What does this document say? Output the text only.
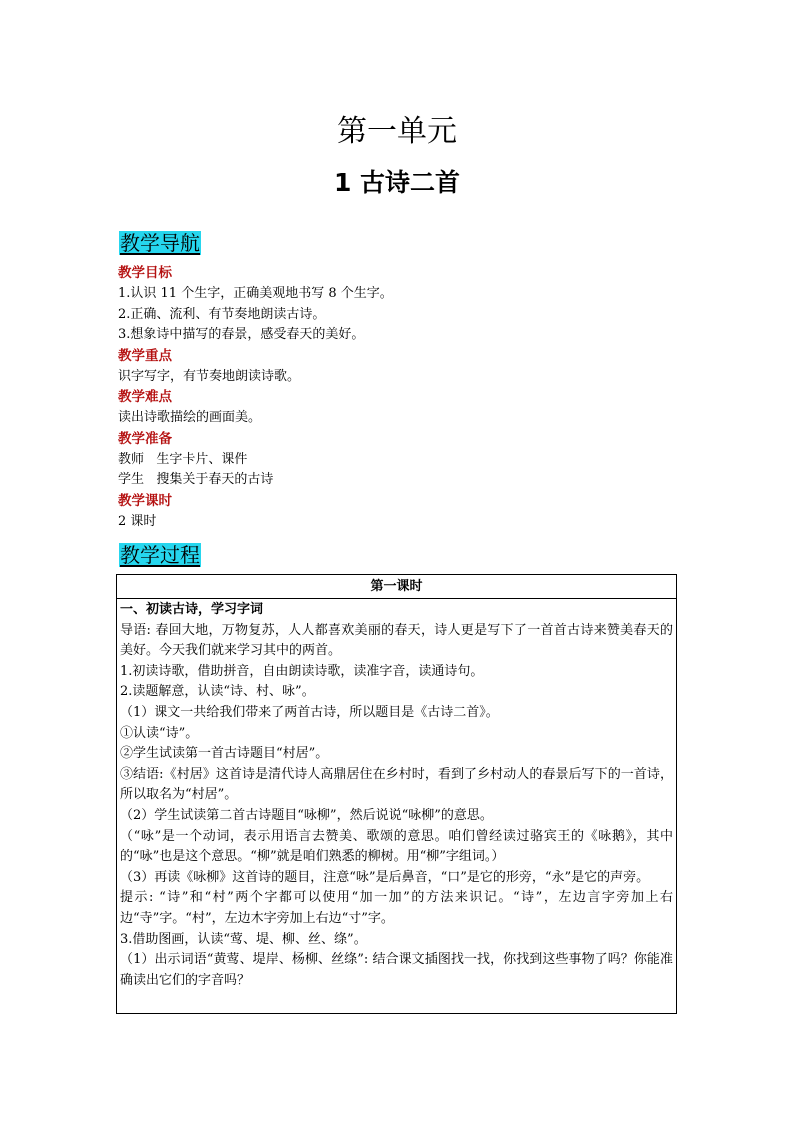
第一单元
1 古诗二首
教学导航
教学目标
1.认识 11 个生字，正确美观地书写 8 个生字。
2.正确、流利、有节奏地朗读古诗。
3.想象诗中描写的春景，感受春天的美好。
教学重点
识字写字，有节奏地朗读诗歌。
教学难点
读出诗歌描绘的画面美。
教学准备
教师   生字卡片、课件
学生   搜集关于春天的古诗
教学课时
2 课时
教学过程
第一课时
一、初读古诗，学习字词
导语: 春回大地，万物复苏，人人都喜欢美丽的春天，诗人更是写下了一首首古诗来赞美春天的美好。今天我们就来学习其中的两首。
1.初读诗歌，借助拼音，自由朗读诗歌，读准字音，读通诗句。
2.读题解意，认读“诗、村、咏”。
（1）课文一共给我们带来了两首古诗，所以题目是《古诗二首》。
①认读“诗”。
②学生试读第一首古诗题目“村居”。
③结语:《村居》这首诗是清代诗人高鼎居住在乡村时，看到了乡村动人的春景后写下的一首诗，所以取名为“村居”。
（2）学生试读第二首古诗题目“咏柳”，然后说说“咏柳”的意思。
（“咏”是一个动词，表示用语言去赞美、歌颂的意思。咱们曾经读过骆宾王的《咏鹅》，其中的“咏”也是这个意思。“柳”就是咱们熟悉的柳树。用“柳”字组词。）
（3）再读《咏柳》这首诗的题目，注意“咏”是后鼻音，“口”是它的形旁，“永”是它的声旁。
提示: “诗”和“村”两个字都可以使用“加一加”的方法来识记。“诗”，左边言字旁加上右边“寺”字。“村”，左边木字旁加上右边“寸”字。
3.借助图画，认读“莺、堤、柳、丝、绦”。
（1）出示词语“黄莺、堤岸、杨柳、丝绦”: 结合课文插图找一找，你找到这些事物了吗？你能准确读出它们的字音吗？
